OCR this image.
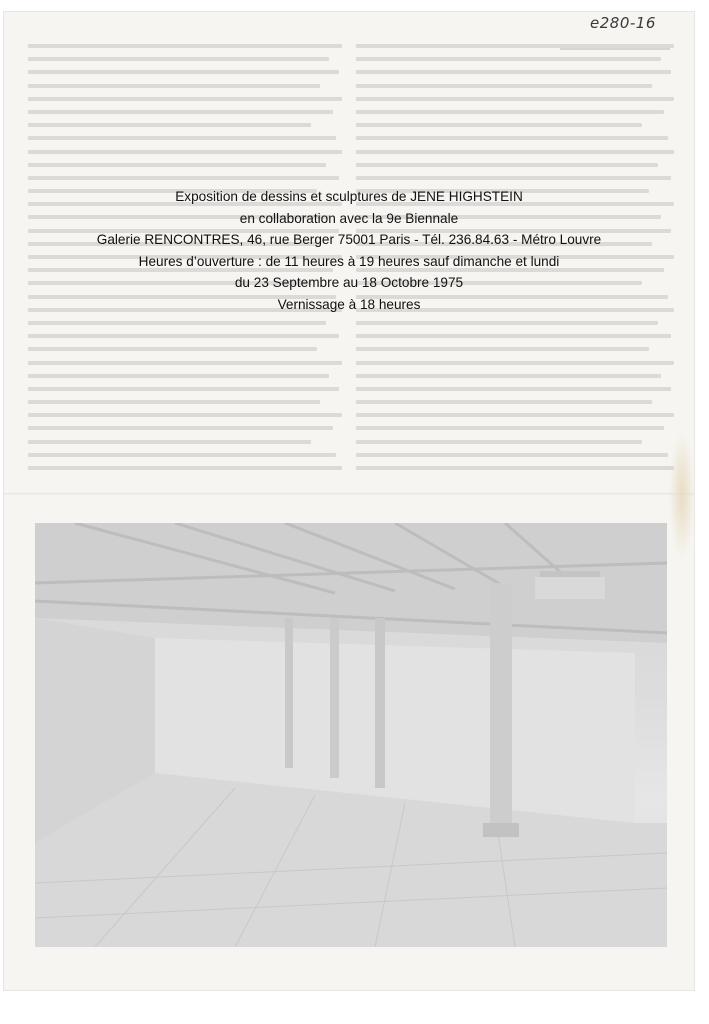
e280-16

Exposition de dessins et sculptures de JENE HIGHSTEIN

en collaboration avec la 9e Biennale

Galerie RENCONTRES, 46, rue Berger 75001 Paris - Tél. 236.84.63 - Métro Louvre

Heures d’ouverture : de 11 heures à 19 heures sauf dimanche et lundi

du 23 Septembre au 18 Octobre 1975

Vernissage à 18 heures
